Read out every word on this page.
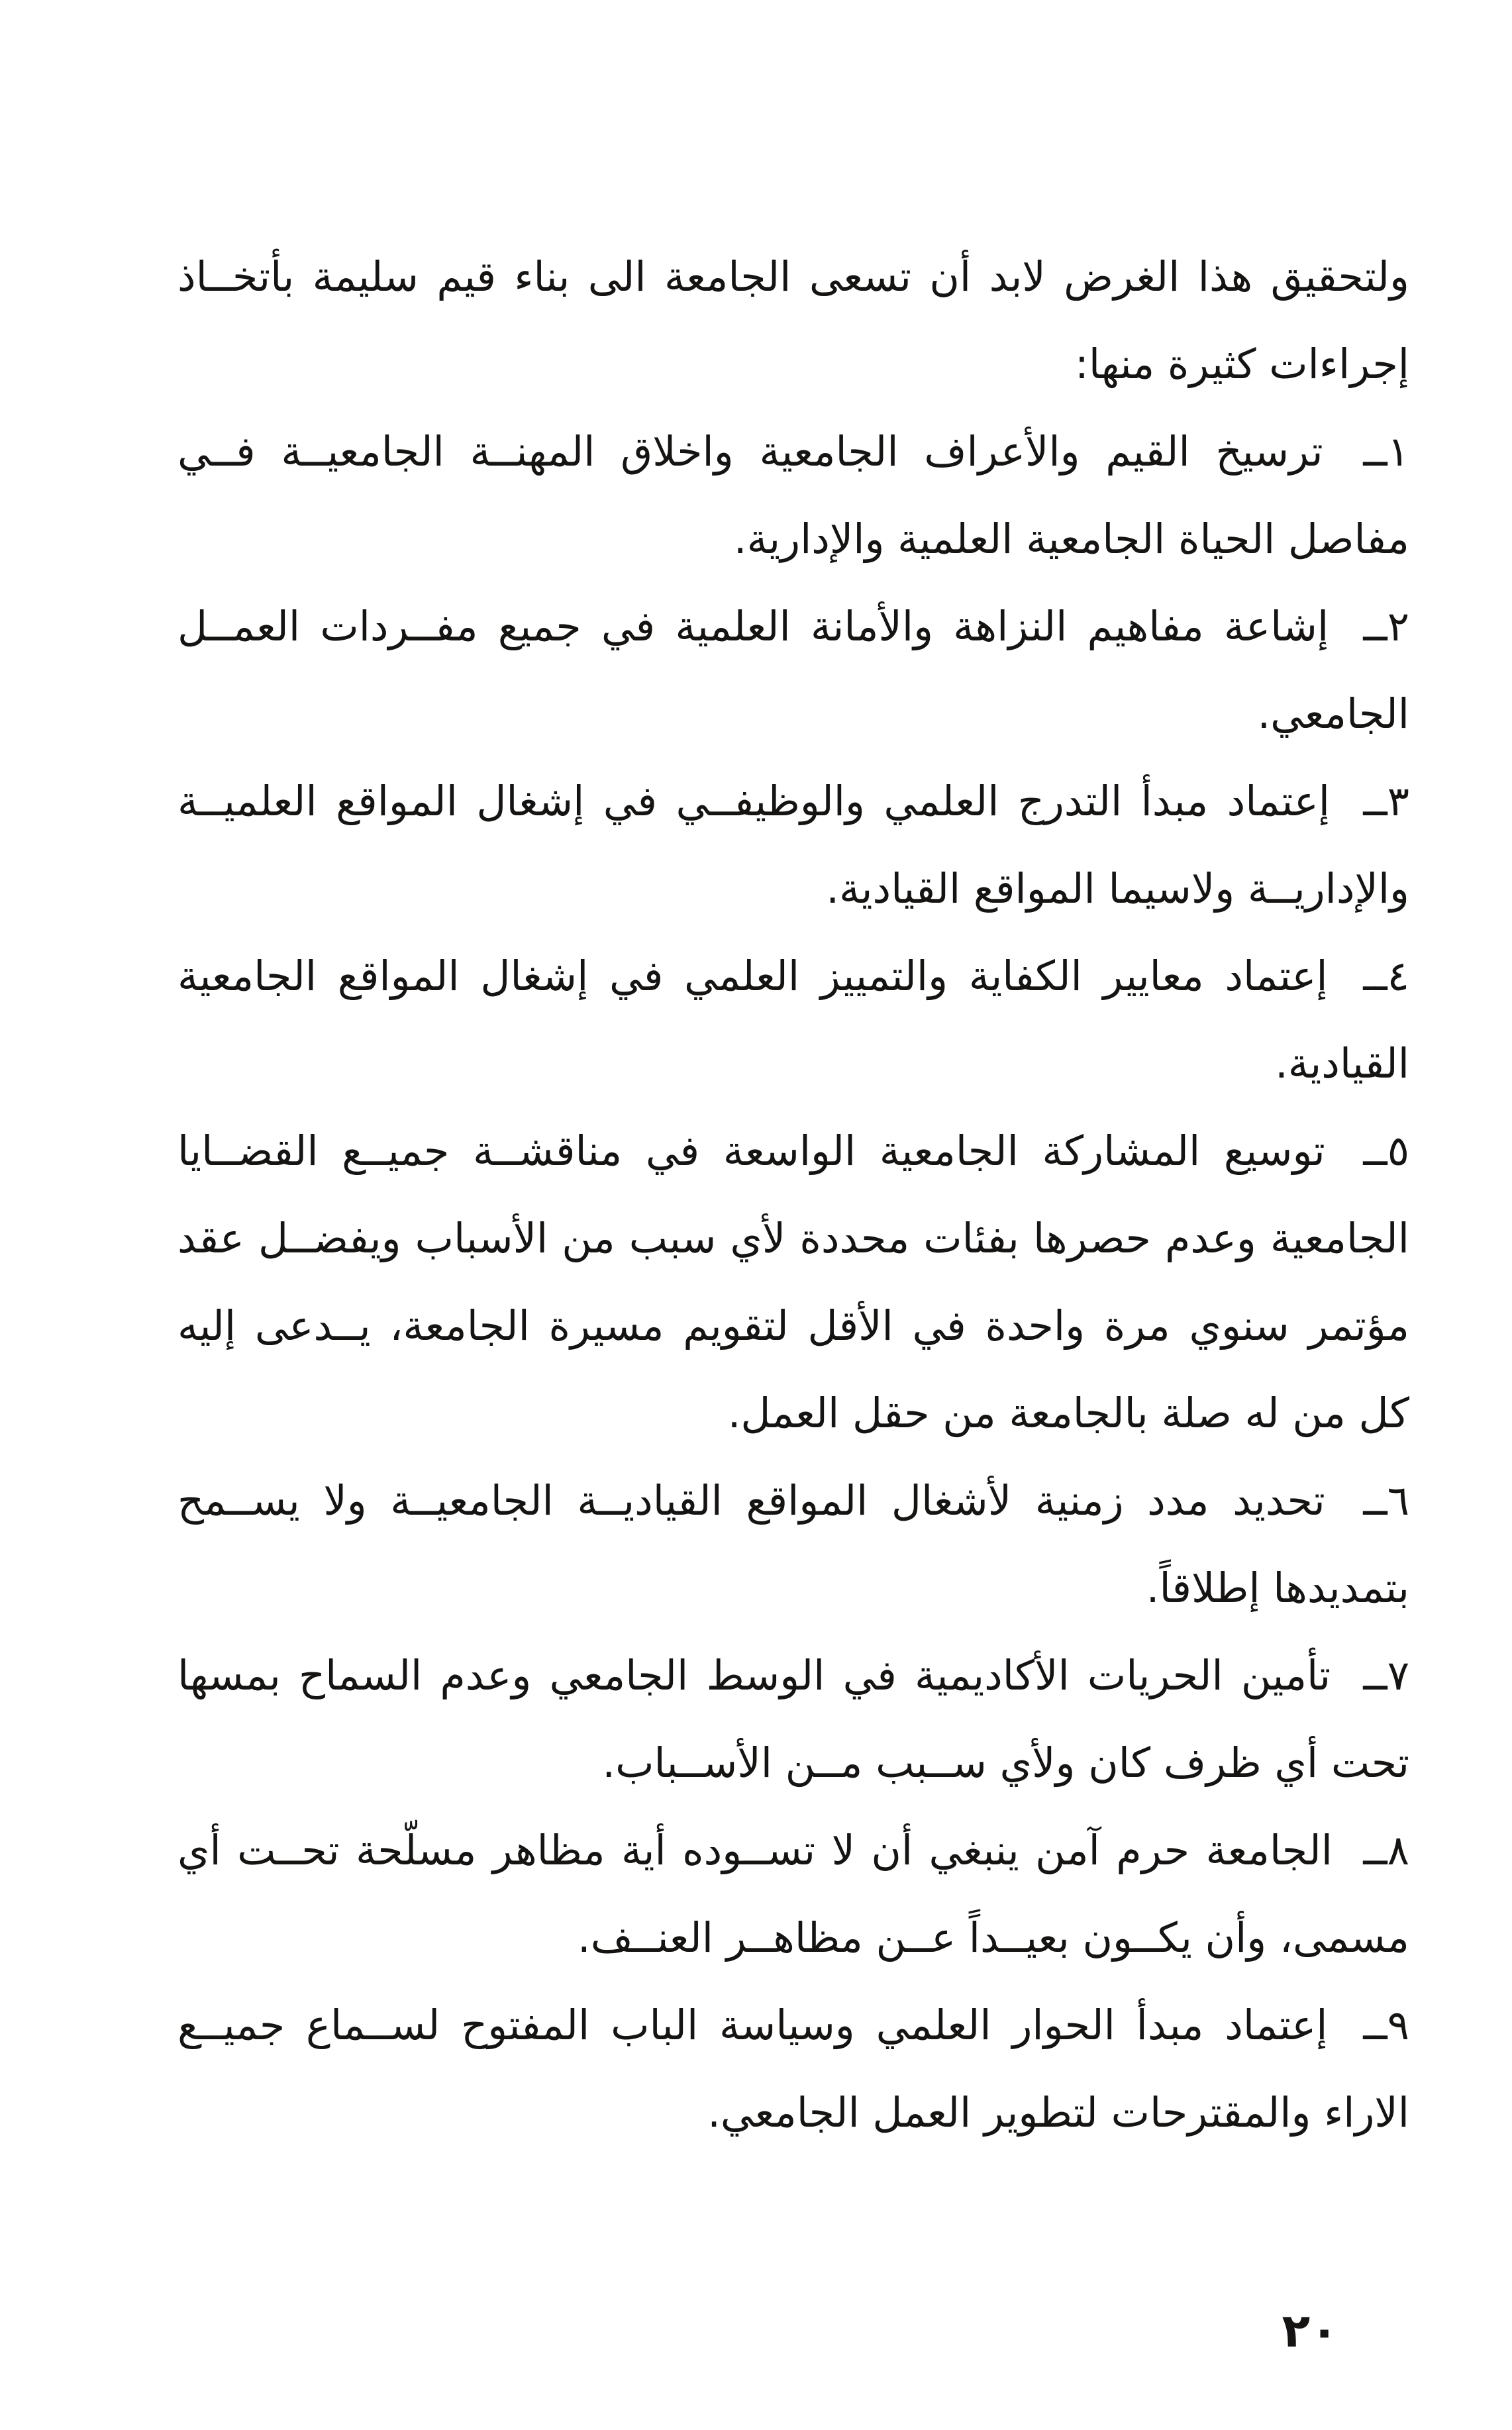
ولتحقيق هذا الغرض لابد أن تسعى الجامعة الى بناء قيم سليمة بأتخــاذ إجراءات كثيرة منها:

١ــ ترسيخ القيم والأعراف الجامعية واخلاق المهنــة الجامعيــة فــي مفاصل الحياة الجامعية العلمية والإدارية.

٢ــ إشاعة مفاهيم النزاهة والأمانة العلمية في جميع مفــردات العمــل الجامعي.

٣ــ إعتماد مبدأ التدرج العلمي والوظيفــي في إشغال المواقع العلميــة والإداريــة ولاسيما المواقع القيادية.

٤ــ إعتماد معايير الكفاية والتمييز العلمي في إشغال المواقع الجامعية القيادية.

٥ــ توسيع المشاركة الجامعية الواسعة في مناقشــة جميــع القضــايا الجامعية وعدم حصرها بفئات محددة لأي سبب من الأسباب ويفضــل عقد مؤتمر سنوي مرة واحدة في الأقل لتقويم مسيرة الجامعة، يــدعى إليه كل من له صلة بالجامعة من حقل العمل.

٦ــ تحديد مدد زمنية لأشغال المواقع القياديــة الجامعيــة ولا يســمح بتمديدها إطلاقاً.

٧ــ تأمين الحريات الأكاديمية في الوسط الجامعي وعدم السماح بمسها تحت أي ظرف كان ولأي ســبب مــن الأســباب.

٨ــ الجامعة حرم آمن ينبغي أن لا تســوده أية مظاهر مسلّحة تحــت أي مسمى، وأن يكــون بعيــداً عــن مظاهــر العنــف.

٩ــ إعتماد مبدأ الحوار العلمي وسياسة الباب المفتوح لســماع جميــع الاراء والمقترحات لتطوير العمل الجامعي.

٢٠
